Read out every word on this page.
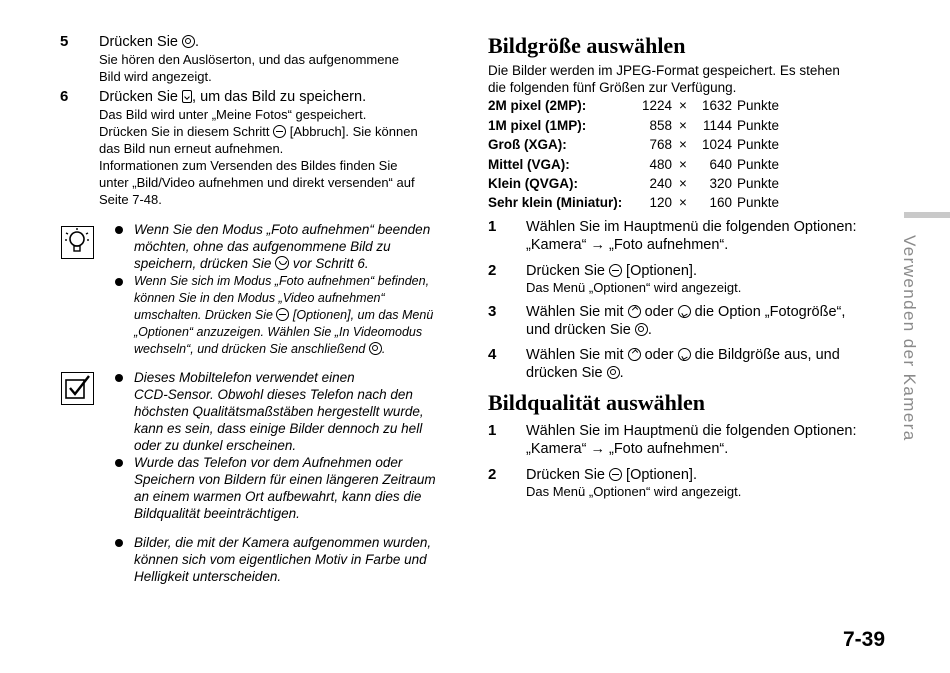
5 Drücken Sie .
Sie hören den Auslöserton, und das aufgenommene
Bild wird angezeigt.
6 Drücken Sie , um das Bild zu speichern.
Das Bild wird unter „Meine Fotos“ gespeichert.
Drücken Sie in diesem Schritt  [Abbruch]. Sie können
das Bild nun erneut aufnehmen.
Informationen zum Versenden des Bildes finden Sie
unter „Bild/Video aufnehmen und direkt versenden“ auf
Seite 7-48.
Wenn Sie den Modus „Foto aufnehmen“ beenden
möchten, ohne das aufgenommene Bild zu
speichern, drücken Sie  vor Schritt 6.
Wenn Sie sich im Modus „Foto aufnehmen“ befinden,
können Sie in den Modus „Video aufnehmen“
umschalten. Drücken Sie  [Optionen], um das Menü
„Optionen“ anzuzeigen. Wählen Sie „In Videomodus
wechseln“, und drücken Sie anschließend .
Dieses Mobiltelefon verwendet einen
CCD-Sensor. Obwohl dieses Telefon nach den
höchsten Qualitätsmaßstäben hergestellt wurde,
kann es sein, dass einige Bilder dennoch zu hell
oder zu dunkel erscheinen.
Wurde das Telefon vor dem Aufnehmen oder
Speichern von Bildern für einen längeren Zeitraum
an einem warmen Ort aufbewahrt, kann dies die
Bildqualität beeinträchtigen.
Bilder, die mit der Kamera aufgenommen wurden,
können sich vom eigentlichen Motiv in Farbe und
Helligkeit unterscheiden.
Bildgröße auswählen
Die Bilder werden im JPEG-Format gespeichert. Es stehen
die folgenden fünf Größen zur Verfügung.
2M pixel (2MP):	1224 ×	1632 Punkte
1M pixel (1MP):	858 ×	1144 Punkte
Groß (XGA):	768 ×	1024 Punkte
Mittel (VGA):	480 ×	640 Punkte
Klein (QVGA):	240 ×	320 Punkte
Sehr klein (Miniatur):	120 ×	160 Punkte
1 Wählen Sie im Hauptmenü die folgenden Optionen:
„Kamera“ → „Foto aufnehmen“.
2 Drücken Sie  [Optionen].
Das Menü „Optionen“ wird angezeigt.
3 Wählen Sie mit  oder  die Option „Fotogröße“,
und drücken Sie .
4 Wählen Sie mit  oder  die Bildgröße aus, und
drücken Sie .
Bildqualität auswählen
1 Wählen Sie im Hauptmenü die folgenden Optionen:
„Kamera“ → „Foto aufnehmen“.
2 Drücken Sie  [Optionen].
Das Menü „Optionen“ wird angezeigt.
Verwenden der Kamera
7-39
